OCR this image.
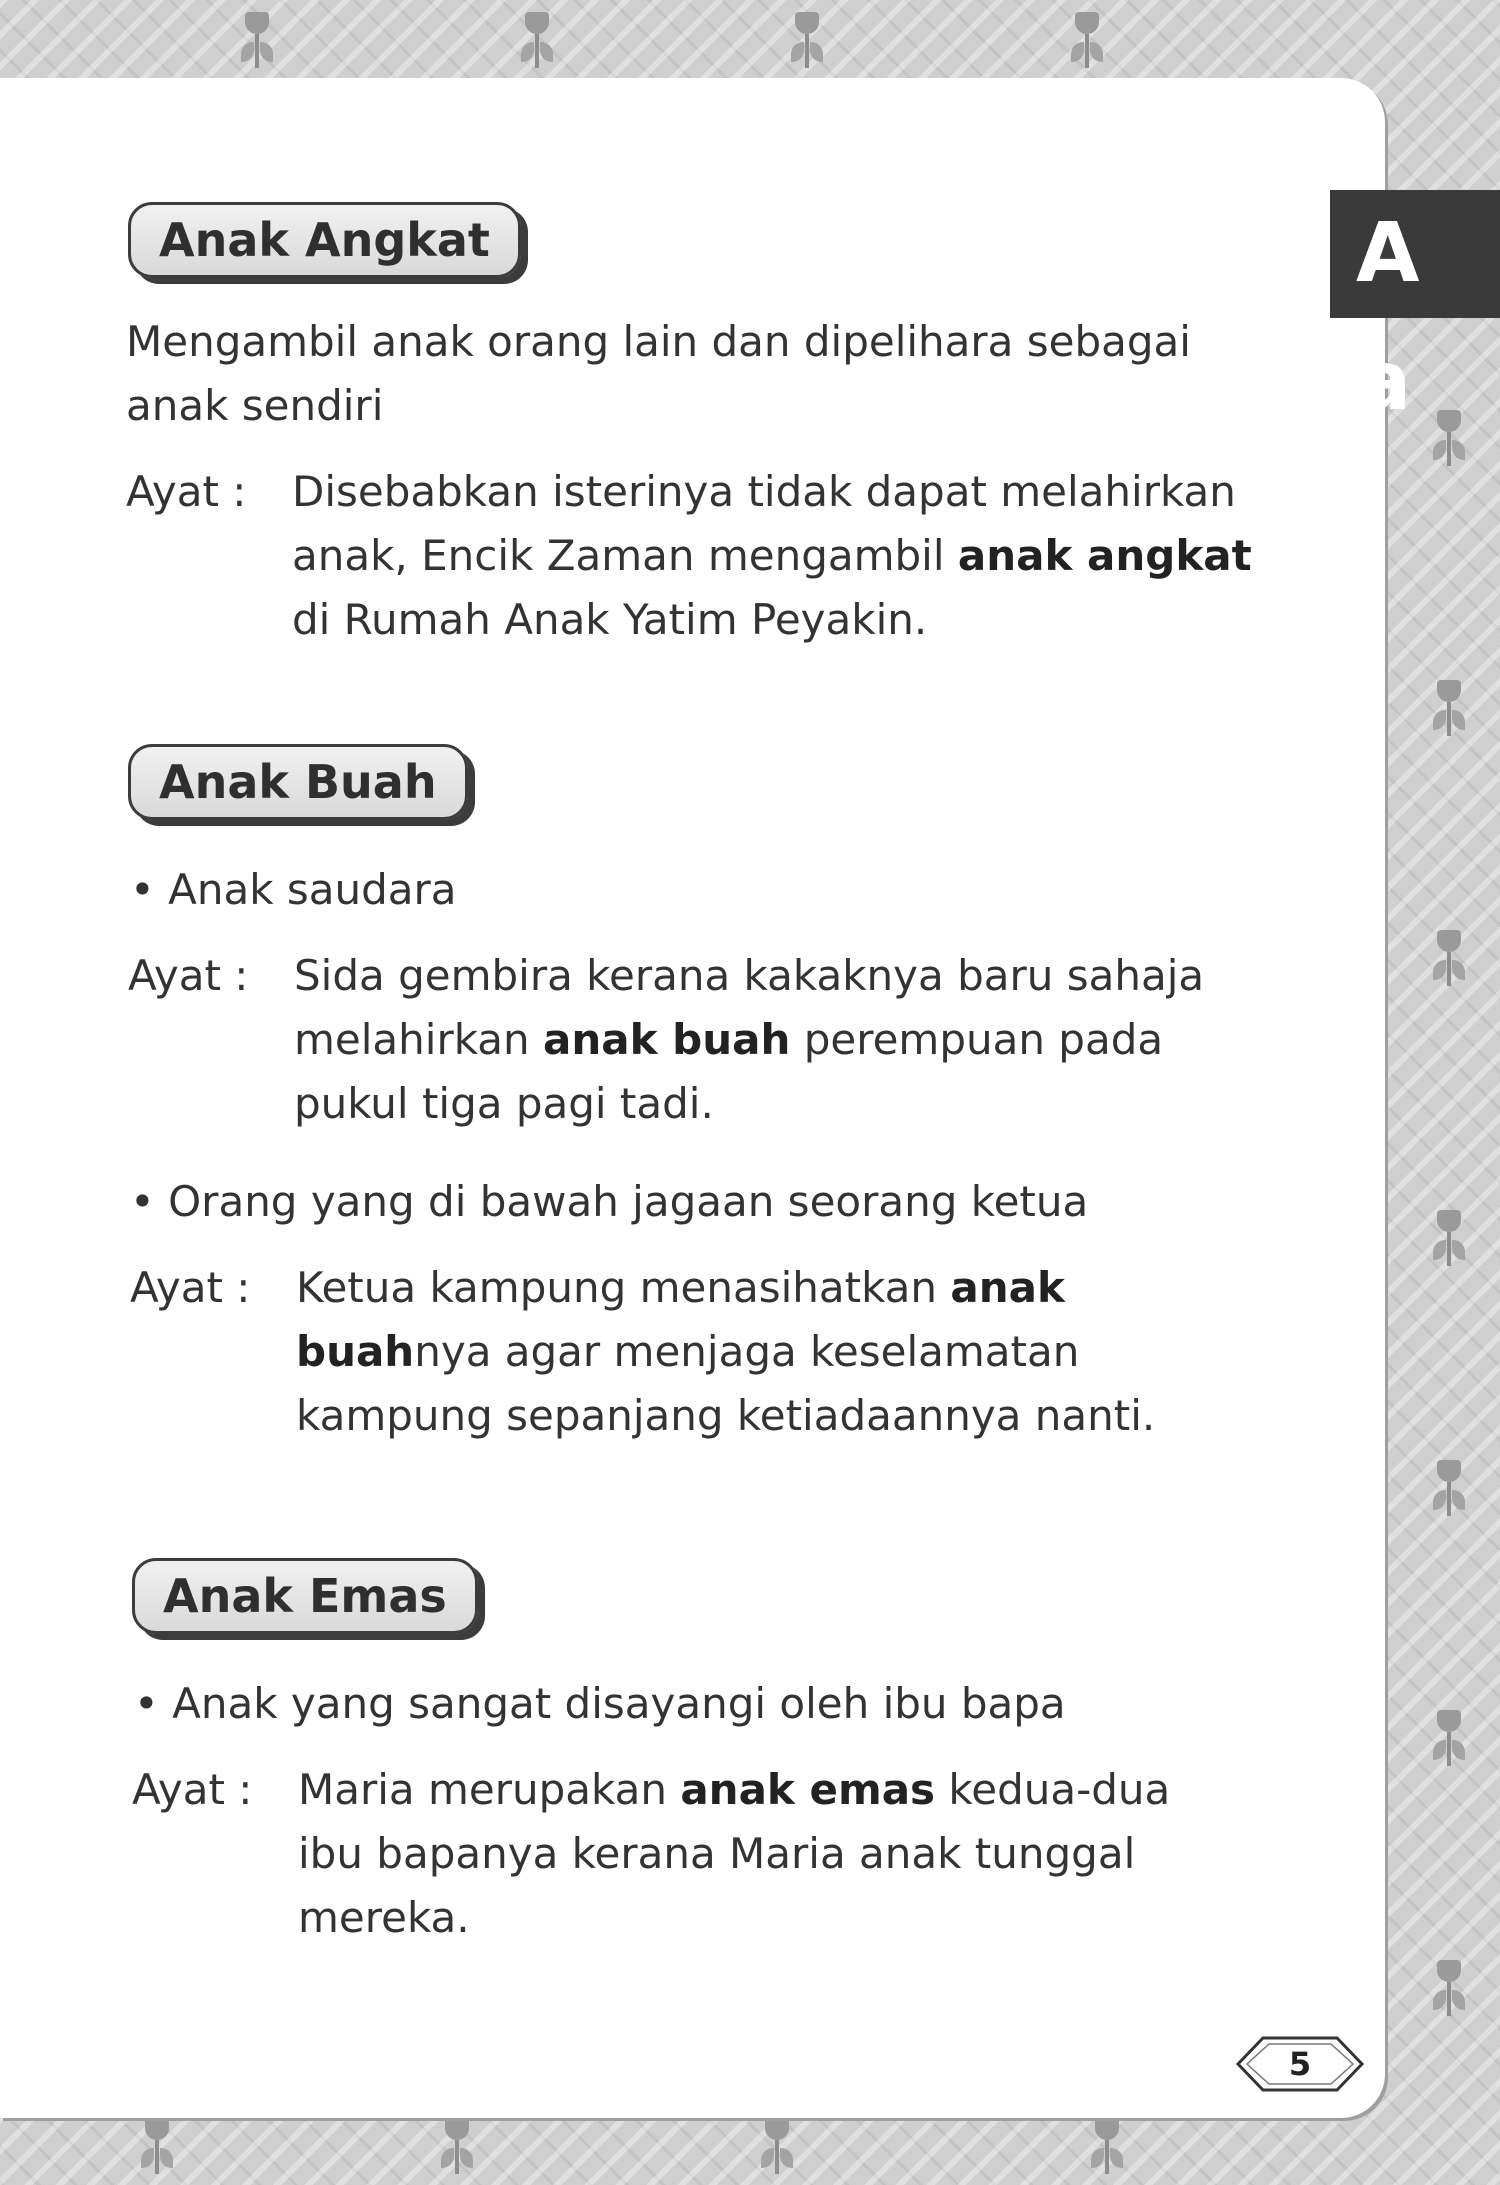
A a
Anak Angkat
Mengambil anak orang lain dan dipelihara sebagai
anak sendiri
Ayat : Disebabkan isterinya tidak dapat melahirkan
anak, Encik Zaman mengambil anak angkat
di Rumah Anak Yatim Peyakin.
Anak Buah
• Anak saudara
Ayat : Sida gembira kerana kakaknya baru sahaja
melahirkan anak buah perempuan pada
pukul tiga pagi tadi.
• Orang yang di bawah jagaan seorang ketua
Ayat : Ketua kampung menasihatkan anak
buahnya agar menjaga keselamatan
kampung sepanjang ketiadaannya nanti.
Anak Emas
• Anak yang sangat disayangi oleh ibu bapa
Ayat : Maria merupakan anak emas kedua-dua
ibu bapanya kerana Maria anak tunggal
mereka.
5
